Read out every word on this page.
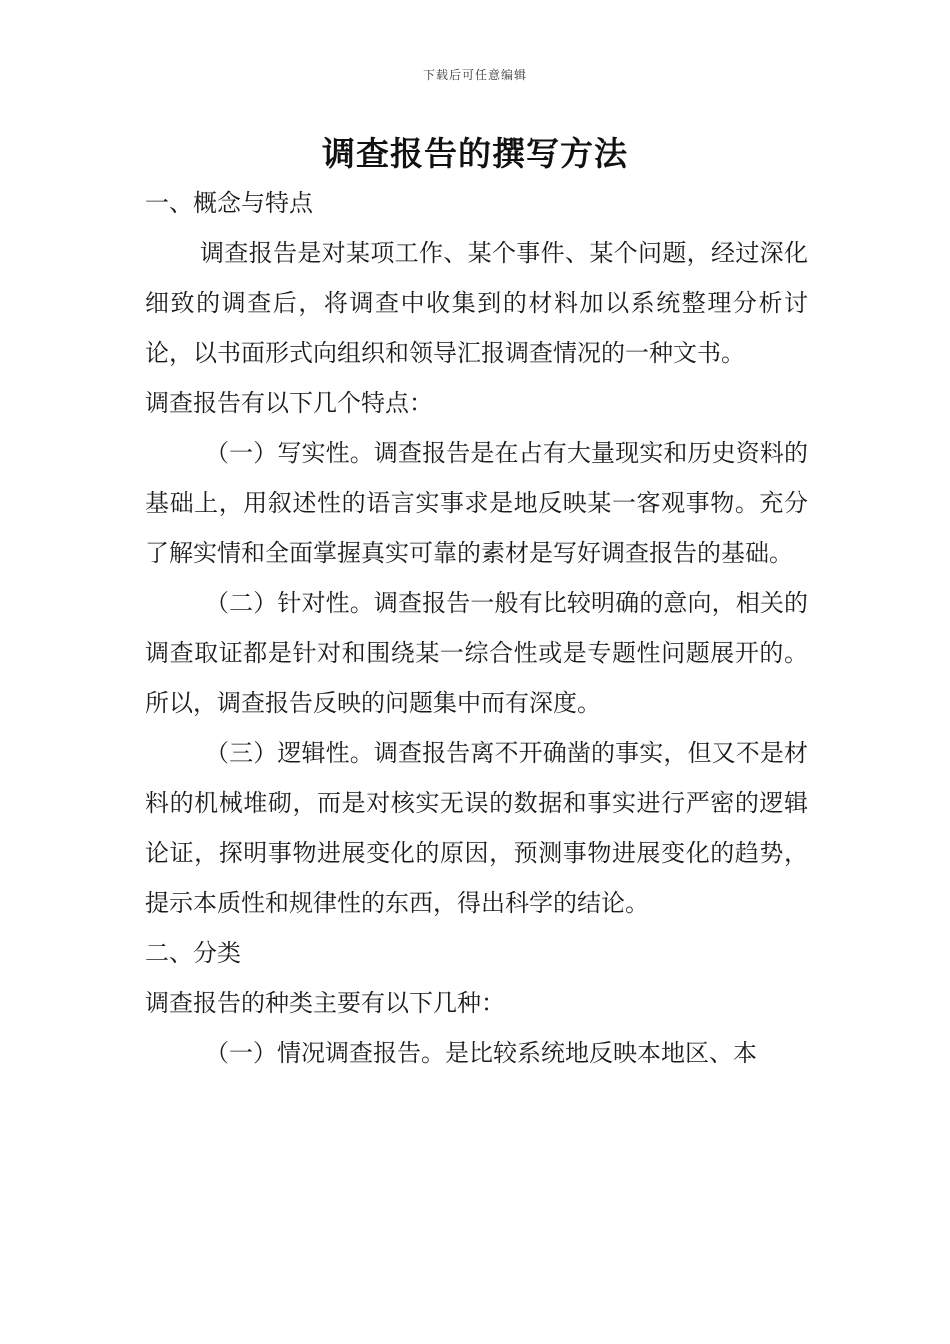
下载后可任意编辑
调查报告的撰写方法

一、概念与特点

调查报告是对某项工作、某个事件、某个问题，经过深化细致的调查后，将调查中收集到的材料加以系统整理分析讨论，以书面形式向组织和领导汇报调查情况的一种文书。

调查报告有以下几个特点：

（一）写实性。调查报告是在占有大量现实和历史资料的基础上，用叙述性的语言实事求是地反映某一客观事物。充分了解实情和全面掌握真实可靠的素材是写好调查报告的基础。

（二）针对性。调查报告一般有比较明确的意向，相关的调查取证都是针对和围绕某一综合性或是专题性问题展开的。所以，调查报告反映的问题集中而有深度。

（三）逻辑性。调查报告离不开确凿的事实，但又不是材料的机械堆砌，而是对核实无误的数据和事实进行严密的逻辑论证，探明事物进展变化的原因，预测事物进展变化的趋势，提示本质性和规律性的东西，得出科学的结论。

二、分类

调查报告的种类主要有以下几种：

（一）情况调查报告。是比较系统地反映本地区、本
